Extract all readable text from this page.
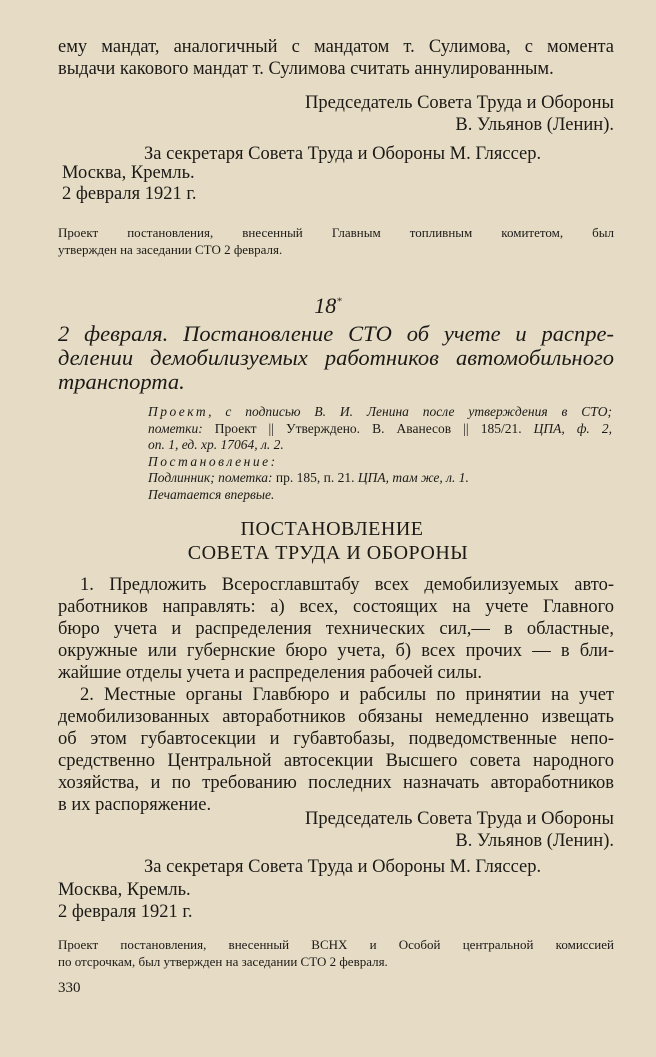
ему мандат, аналогичный с мандатом т. Сулимова, с момента
выдачи какового мандат т. Сулимова считать аннулированным.
Председатель Совета Труда и Обороны
В. Ульянов (Ленин).
За секретаря Совета Труда и Обороны М. Гляссер.
Москва, Кремль.
2 февраля 1921 г.
Проект постановления, внесенный Главным топливным комитетом, был
утвержден на заседании СТО 2 февраля.
18*
2 февраля. Постановление СТО об учете и распре-
делении демобилизуемых работников автомобильного
транспорта.
Проект, с подписью В. И. Ленина после утверждения в СТО;
пометки: Проект || Утверждено. В. Аванесов || 185/21. ЦПА, ф. 2,
оп. 1, ед. хр. 17064, л. 2.
Постановление:
Подлинник; пометка: пр. 185, п. 21. ЦПА, там же, л. 1.
Печатается впервые.
ПОСТАНОВЛЕНИЕ
СОВЕТА ТРУДА И ОБОРОНЫ
1. Предложить Всеросглавштабу всех демобилизуемых авто-
работников направлять: а) всех, состоящих на учете Главного
бюро учета и распределения технических сил,— в областные,
окружные или губернские бюро учета, б) всех прочих — в бли-
жайшие отделы учета и распределения рабочей силы.
2. Местные органы Главбюро и рабсилы по принятии на учет
демобилизованных автоработников обязаны немедленно извещать
об этом губавтосекции и губавтобазы, подведомственные непо-
средственно Центральной автосекции Высшего совета народного
хозяйства, и по требованию последних назначать автоработников
в их распоряжение.
Председатель Совета Труда и Обороны
В. Ульянов (Ленин).
За секретаря Совета Труда и Обороны М. Гляссер.
Москва, Кремль.
2 февраля 1921 г.
Проект постановления, внесенный ВСНХ и Особой центральной комиссией
по отсрочкам, был утвержден на заседании СТО 2 февраля.
330
